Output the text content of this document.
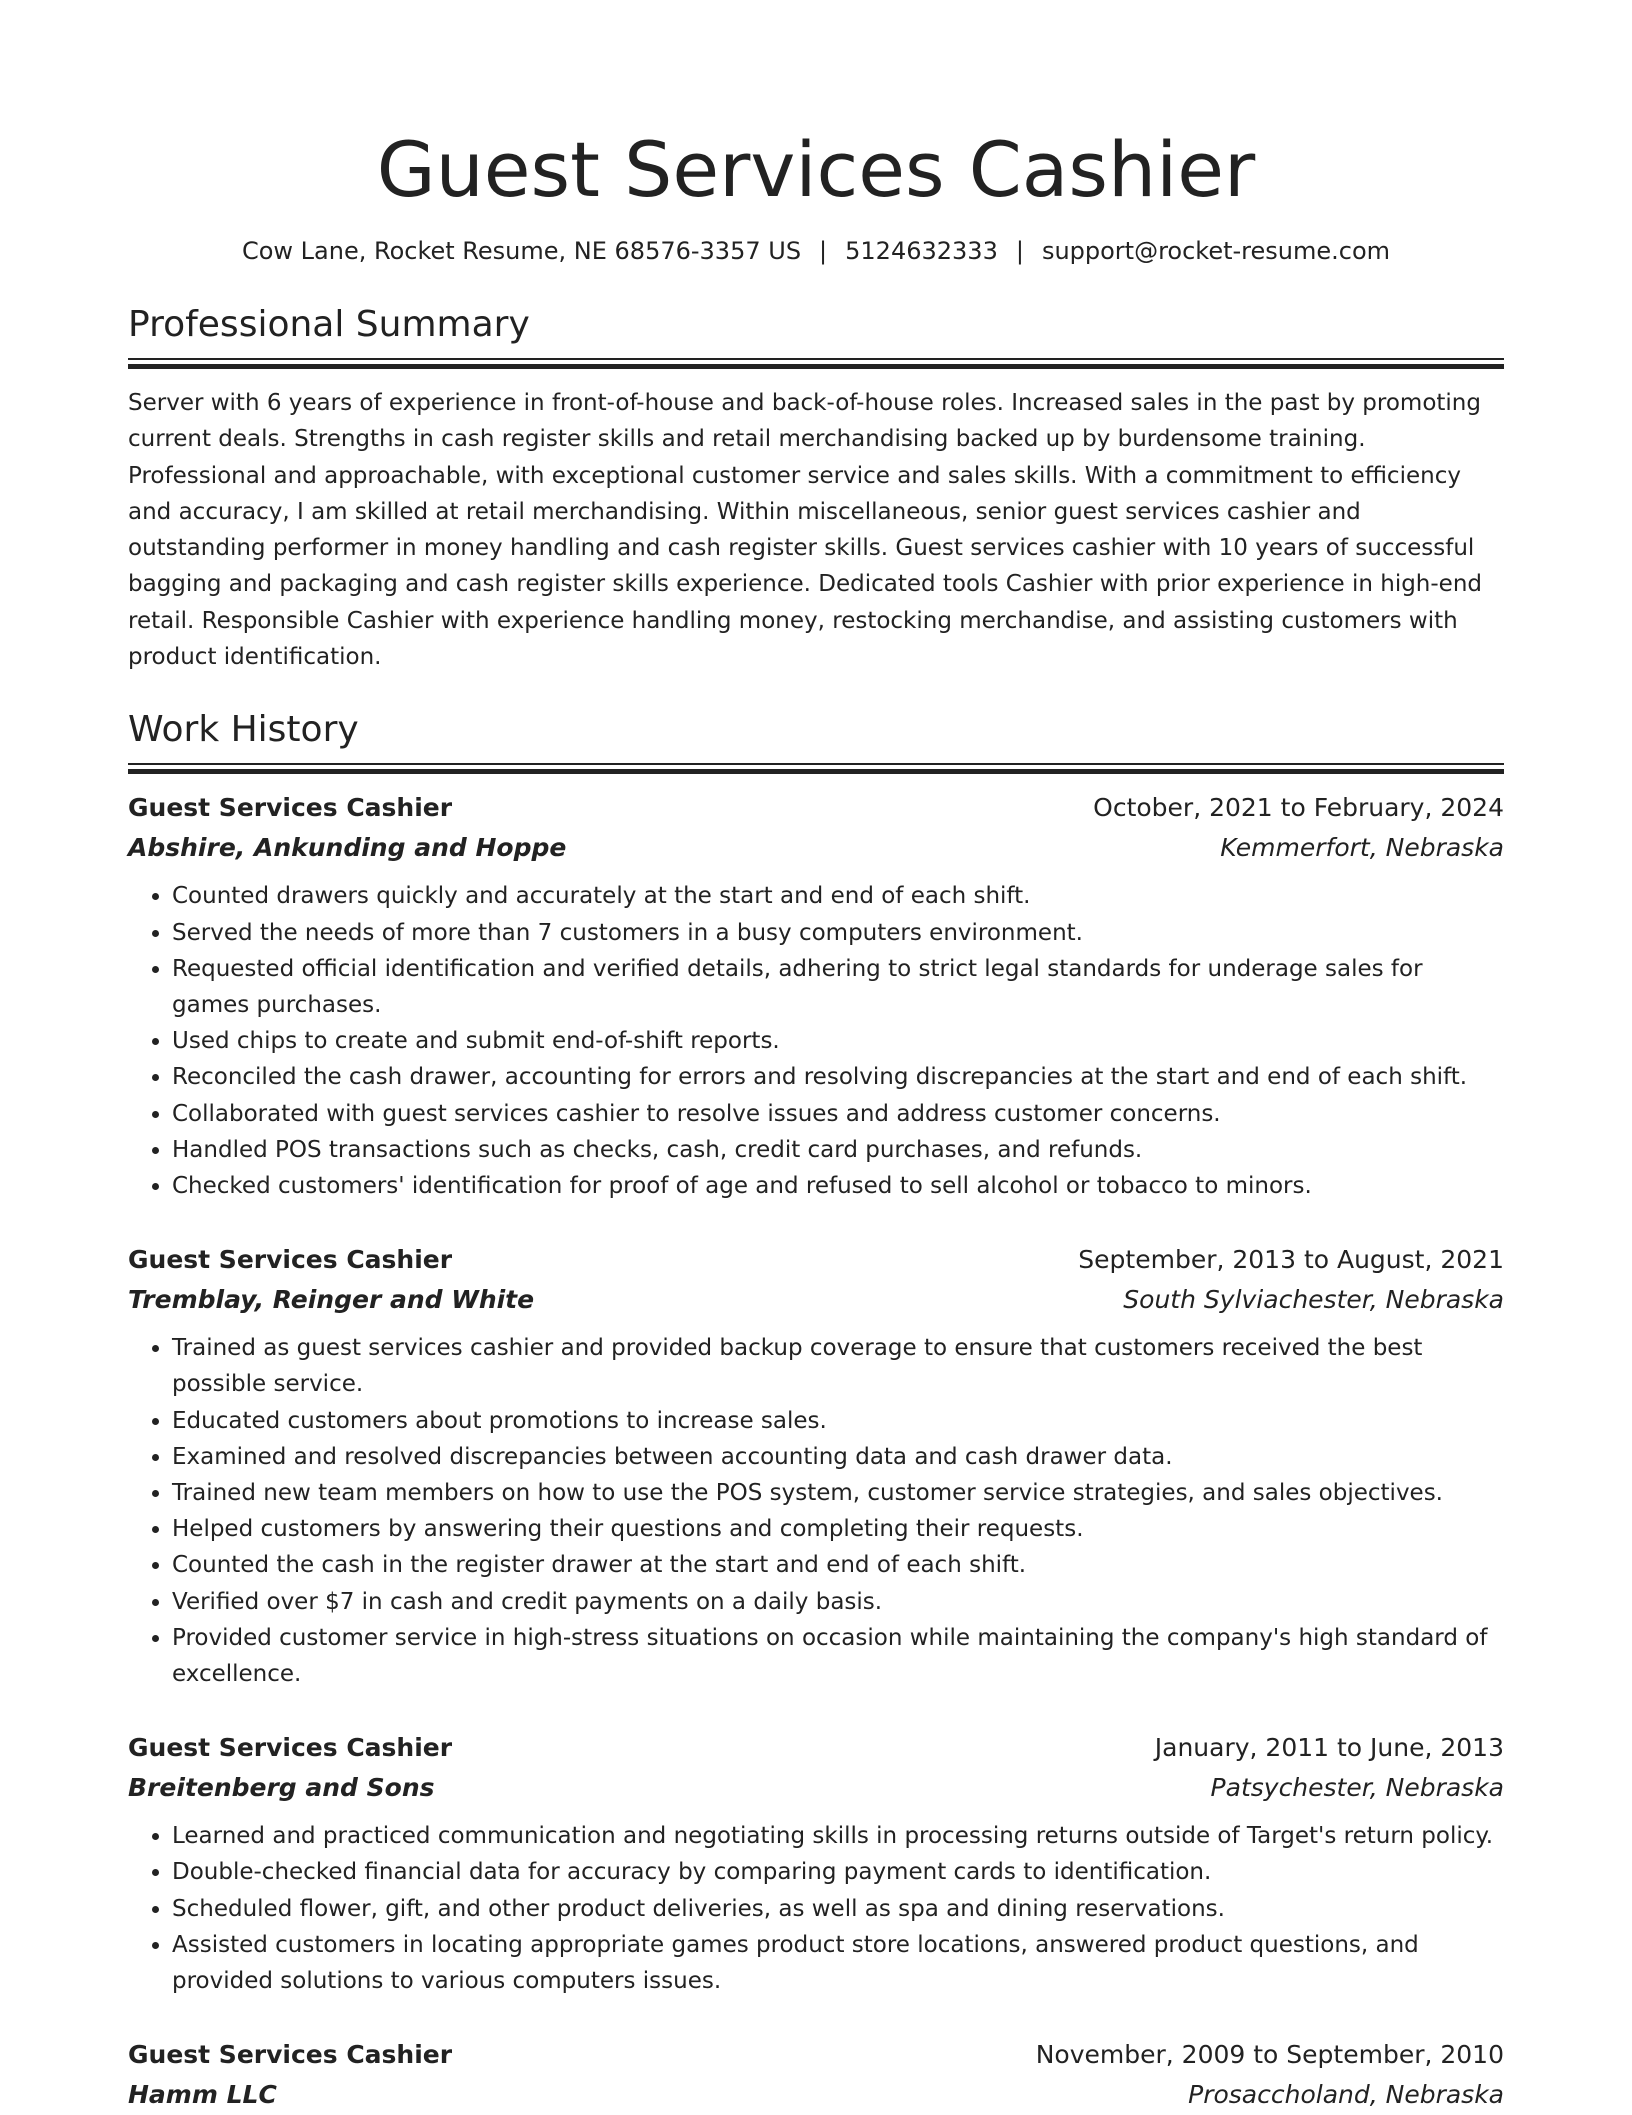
Guest Services Cashier
Cow Lane, Rocket Resume, NE 68576-3357 US | 5124632333 | support@rocket-resume.com
Professional Summary

Server with 6 years of experience in front-of-house and back-of-house roles. Increased sales in the past by promoting current deals. Strengths in cash register skills and retail merchandising backed up by burdensome training. Professional and approachable, with exceptional customer service and sales skills. With a commitment to efficiency and accuracy, I am skilled at retail merchandising. Within miscellaneous, senior guest services cashier and outstanding performer in money handling and cash register skills. Guest services cashier with 10 years of successful bagging and packaging and cash register skills experience. Dedicated tools Cashier with prior experience in high-end retail. Responsible Cashier with experience handling money, restocking merchandise, and assisting customers with product identification.

Work History
Guest Services Cashier	October, 2021 to February, 2024
Abshire, Ankunding and Hoppe	Kemmerfort, Nebraska
• Counted drawers quickly and accurately at the start and end of each shift.
• Served the needs of more than 7 customers in a busy computers environment.
• Requested official identification and verified details, adhering to strict legal standards for underage sales for games purchases.
• Used chips to create and submit end-of-shift reports.
• Reconciled the cash drawer, accounting for errors and resolving discrepancies at the start and end of each shift.
• Collaborated with guest services cashier to resolve issues and address customer concerns.
• Handled POS transactions such as checks, cash, credit card purchases, and refunds.
• Checked customers' identification for proof of age and refused to sell alcohol or tobacco to minors.
Guest Services Cashier	September, 2013 to August, 2021
Tremblay, Reinger and White	South Sylviachester, Nebraska
• Trained as guest services cashier and provided backup coverage to ensure that customers received the best possible service.
• Educated customers about promotions to increase sales.
• Examined and resolved discrepancies between accounting data and cash drawer data.
• Trained new team members on how to use the POS system, customer service strategies, and sales objectives.
• Helped customers by answering their questions and completing their requests.
• Counted the cash in the register drawer at the start and end of each shift.
• Verified over $7 in cash and credit payments on a daily basis.
• Provided customer service in high-stress situations on occasion while maintaining the company's high standard of excellence.
Guest Services Cashier	January, 2011 to June, 2013
Breitenberg and Sons	Patsychester, Nebraska
• Learned and practiced communication and negotiating skills in processing returns outside of Target's return policy.
• Double-checked financial data for accuracy by comparing payment cards to identification.
• Scheduled flower, gift, and other product deliveries, as well as spa and dining reservations.
• Assisted customers in locating appropriate games product store locations, answered product questions, and provided solutions to various computers issues.
Guest Services Cashier	November, 2009 to September, 2010
Hamm LLC	Prosaccholand, Nebraska
